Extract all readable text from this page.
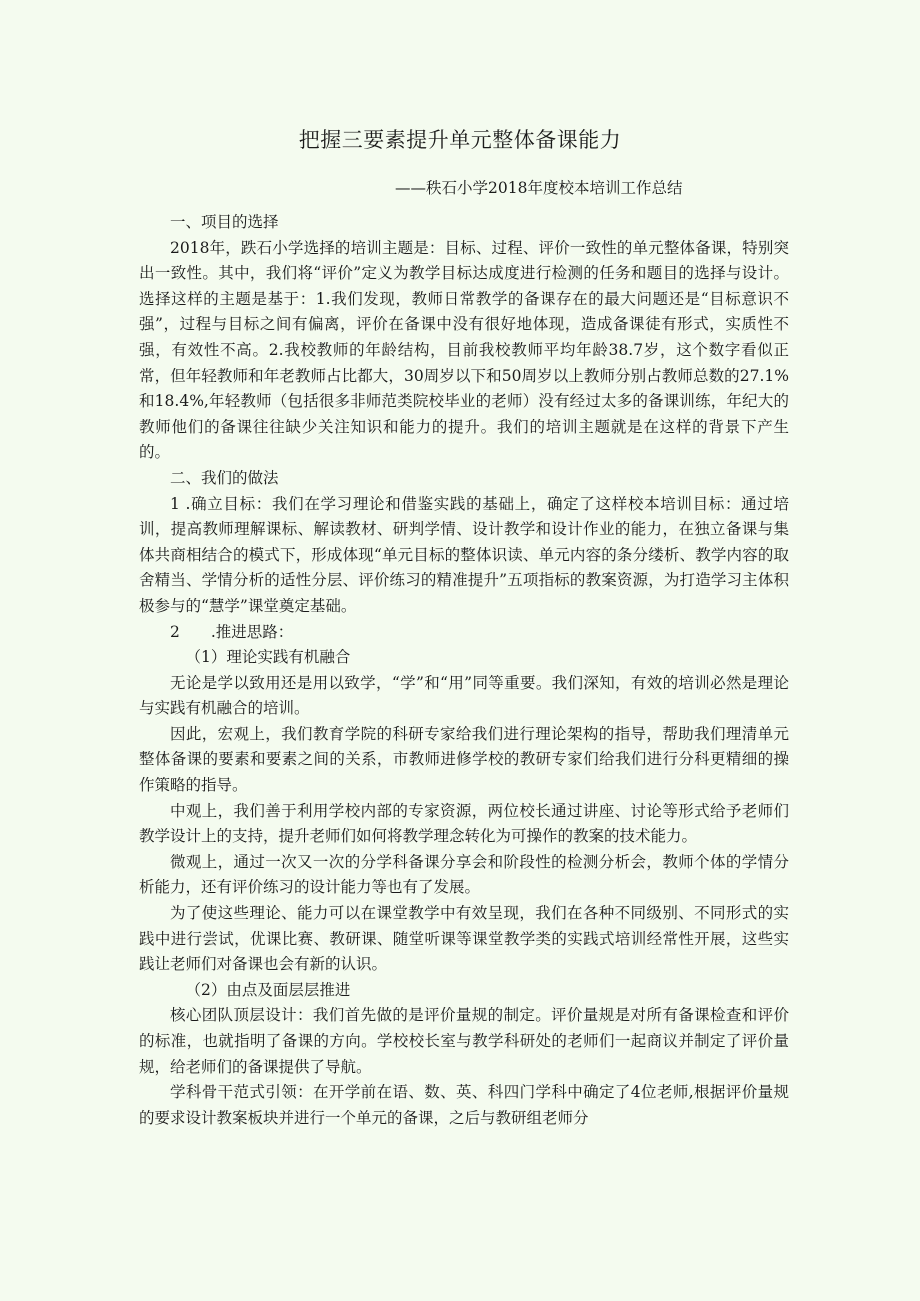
把握三要素提升单元整体备课能力

——秩石小学2018年度校本培训工作总结

一、项目的选择

2018年，跌石小学选择的培训主题是：目标、过程、评价一致性的单元整体备课，特别突出一致性。其中，我们将“评价”定义为教学目标达成度进行检测的任务和题目的选择与设计。选择这样的主题是基于：1.我们发现，教师日常教学的备课存在的最大问题还是“目标意识不强”，过程与目标之间有偏离，评价在备课中没有很好地体现，造成备课徒有形式，实质性不强，有效性不高。2.我校教师的年龄结构，目前我校教师平均年龄38.7岁，这个数字看似正常，但年轻教师和年老教师占比都大，30周岁以下和50周岁以上教师分别占教师总数的27.1%和18.4%,年轻教师（包括很多非师范类院校毕业的老师）没有经过太多的备课训练，年纪大的教师他们的备课往往缺少关注知识和能力的提升。我们的培训主题就是在这样的背景下产生的。

二、我们的做法

1 .确立目标：我们在学习理论和借鉴实践的基础上，确定了这样校本培训目标：通过培训，提高教师理解课标、解读教材、研判学情、设计教学和设计作业的能力，在独立备课与集体共商相结合的模式下，形成体现“单元目标的整体识读、单元内容的条分缕析、教学内容的取舍精当、学情分析的适性分层、评价练习的精准提升”五项指标的教案资源，为打造学习主体积极参与的“慧学”课堂奠定基础。

2  .推进思路：

（1）理论实践有机融合

无论是学以致用还是用以致学，“学”和“用”同等重要。我们深知，有效的培训必然是理论与实践有机融合的培训。

因此，宏观上，我们教育学院的科研专家给我们进行理论架构的指导，帮助我们理清单元整体备课的要素和要素之间的关系，市教师进修学校的教研专家们给我们进行分科更精细的操作策略的指导。

中观上，我们善于利用学校内部的专家资源，两位校长通过讲座、讨论等形式给予老师们教学设计上的支持，提升老师们如何将教学理念转化为可操作的教案的技术能力。

微观上，通过一次又一次的分学科备课分享会和阶段性的检测分析会，教师个体的学情分析能力，还有评价练习的设计能力等也有了发展。

为了使这些理论、能力可以在课堂教学中有效呈现，我们在各种不同级别、不同形式的实践中进行尝试，优课比赛、教研课、随堂听课等课堂教学类的实践式培训经常性开展，这些实践让老师们对备课也会有新的认识。

（2）由点及面层层推进

核心团队顶层设计：我们首先做的是评价量规的制定。评价量规是对所有备课检查和评价的标准，也就指明了备课的方向。学校校长室与教学科研处的老师们一起商议并制定了评价量规，给老师们的备课提供了导航。

学科骨干范式引领：在开学前在语、数、英、科四门学科中确定了4位老师,根据评价量规的要求设计教案板块并进行一个单元的备课，之后与教研组老师分
